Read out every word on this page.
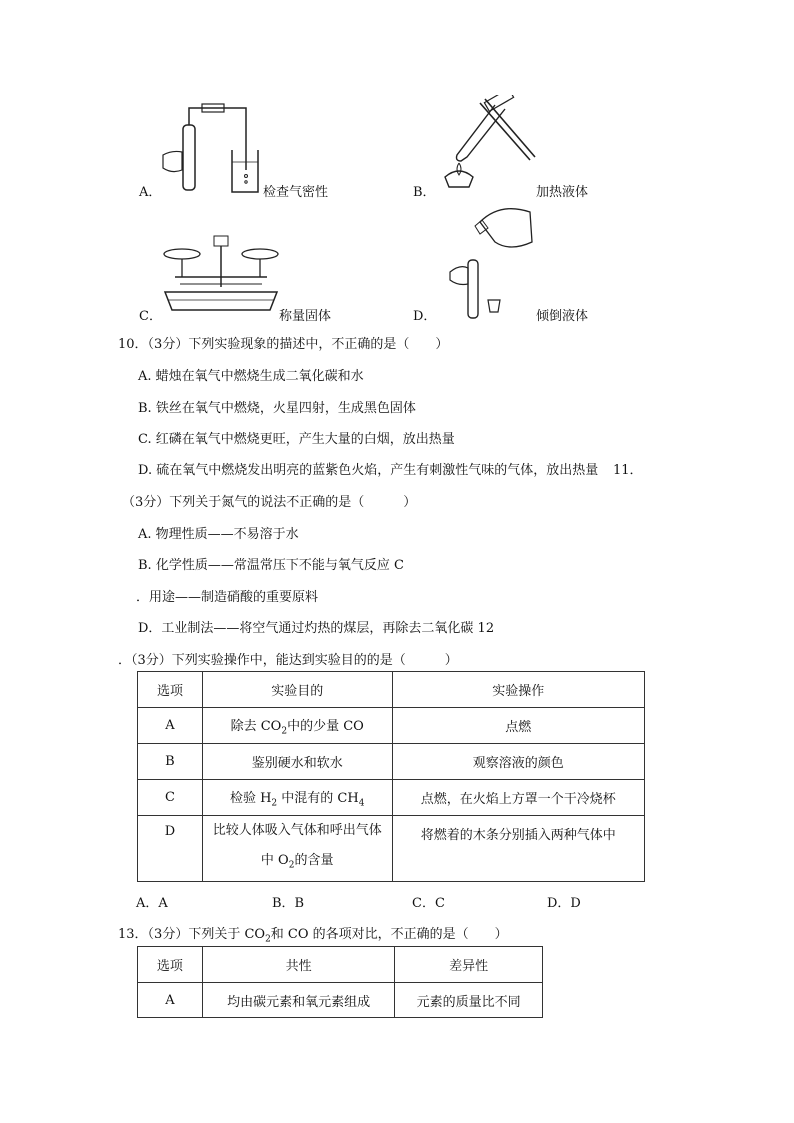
A．	检查气密性	B．	加热液体
C．	称量固体	D．	倾倒液体
10．（3分）下列实验现象的描述中，不正确的是（　　）
A. 蜡烛在氧气中燃烧生成二氧化碳和水
B. 铁丝在氧气中燃烧，火星四射，生成黑色固体
C. 红磷在氧气中燃烧更旺，产生大量的白烟，放出热量
D. 硫在氧气中燃烧发出明亮的蓝紫色火焰，产生有刺激性气味的气体，放出热量 11．
（3分）下列关于氮气的说法不正确的是（　　　）
A. 物理性质——不易溶于水
B. 化学性质——常温常压下不能与氧气反应 C
．用途——制造硝酸的重要原料
D．工业制法——将空气通过灼热的煤层，再除去二氧化碳 12
．（3分）下列实验操作中，能达到实验目的的是（　　　）
选项	实验目的	实验操作
A	除去 $CO_2$中的少量 CO	点燃
B	鉴别硬水和软水	观察溶液的颜色
C	检验 $H_2$ 中混有的 $CH_4$	点燃，在火焰上方罩一个干冷烧杯
D	比较人体吸入气体和呼出气体
中 $O_2$的含量	将燃着的木条分别插入两种气体中
A．A	B．B	C．C	D．D
13．（3分）下列关于 $CO_2$和 CO 的各项对比，不正确的是（　　）
选项	共性	差异性
A	均由碳元素和氧元素组成	元素的质量比不同
